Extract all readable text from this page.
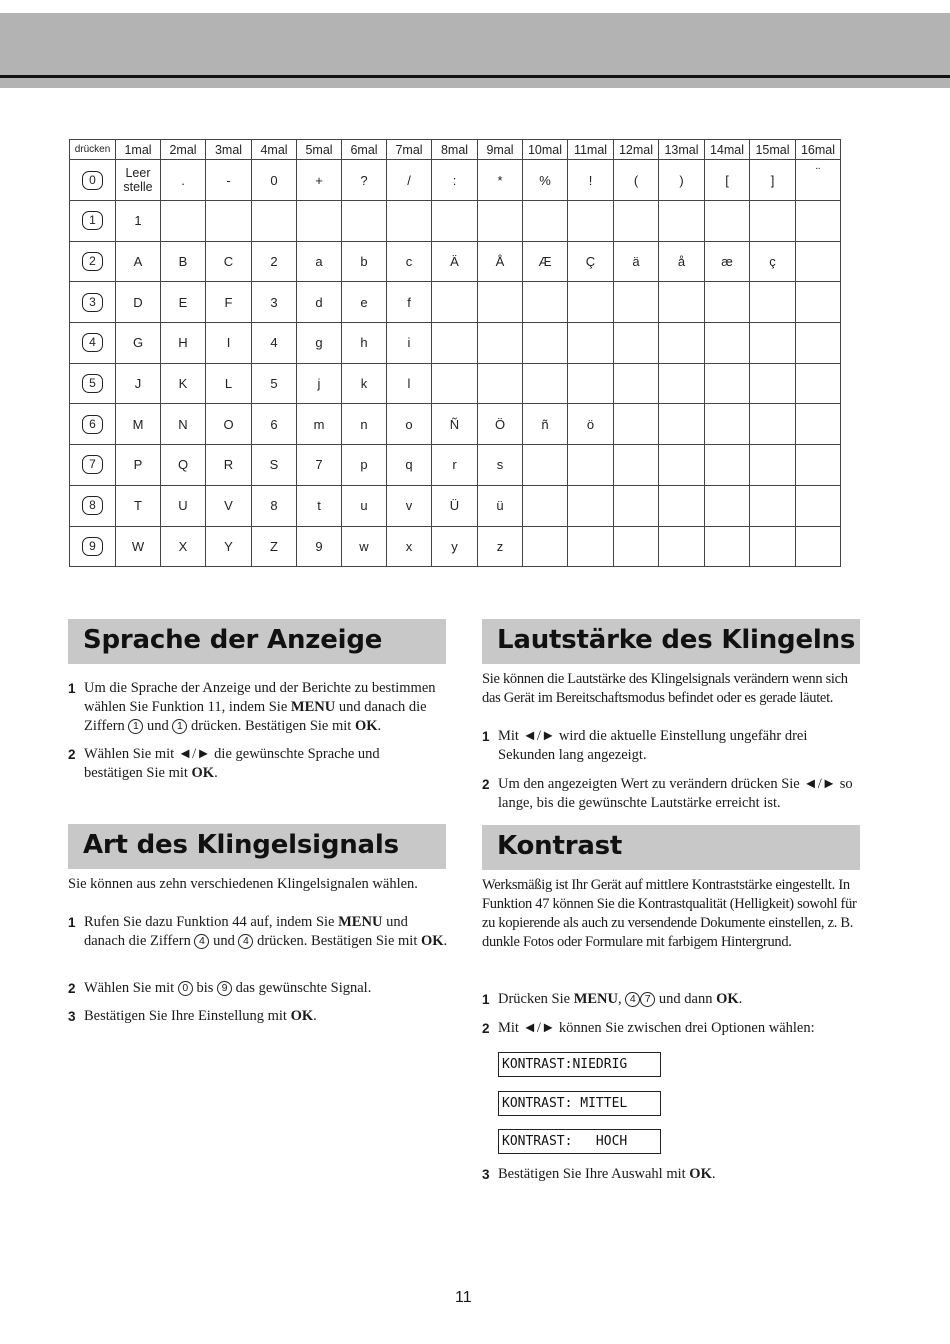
drücken	1mal	2mal	3mal	4mal	5mal	6mal	7mal	8mal	9mal	10mal	11mal	12mal	13mal	14mal	15mal	16mal
0	Leer stelle	.	-	0	+	?	/	:	*	%	!	(	)	[	]	¨
1	1															
2	A	B	C	2	a	b	c	Ä	Å	Æ	Ç	ä	å	æ	ç	
3	D	E	F	3	d	e	f									
4	G	H	I	4	g	h	i									
5	J	K	L	5	j	k	l									
6	M	N	O	6	m	n	o	Ñ	Ö	ñ	ö					
7	P	Q	R	S	7	p	q	r	s							
8	T	U	V	8	t	u	v	Ü	ü							
9	W	X	Y	Z	9	w	x	y	z							
Sprache der Anzeige
1 Um die Sprache der Anzeige und der Berichte zu bestimmen wählen Sie Funktion 11, indem Sie MENU und danach die Ziffern 1 und 1 drücken. Bestätigen Sie mit OK.
2 Wählen Sie mit ◄/► die gewünschte Sprache und bestätigen Sie mit OK.
Art des Klingelsignals
Sie können aus zehn verschiedenen Klingelsignalen wählen.
1 Rufen Sie dazu Funktion 44 auf, indem Sie MENU und danach die Ziffern 4 und 4 drücken. Bestätigen Sie mit OK.
2 Wählen Sie mit 0 bis 9 das gewünschte Signal.
3 Bestätigen Sie Ihre Einstellung mit OK.
Lautstärke des Klingelns
Sie können die Lautstärke des Klingelsignals verändern wenn sich das Gerät im Bereitschaftsmodus befindet oder es gerade läutet.
1 Mit ◄/► wird die aktuelle Einstellung ungefähr drei Sekunden lang angezeigt.
2 Um den angezeigten Wert zu verändern drücken Sie ◄/► so lange, bis die gewünschte Lautstärke erreicht ist.
Kontrast
Werksmäßig ist Ihr Gerät auf mittlere Kontraststärke eingestellt. In Funktion 47 können Sie die Kontrastqualität (Helligkeit) sowohl für zu kopierende als auch zu versendende Dokumente einstellen, z. B. dunkle Fotos oder Formulare mit farbigem Hintergrund.
1 Drücken Sie MENU, 4 7 und dann OK.
2 Mit ◄/► können Sie zwischen drei Optionen wählen:
KONTRAST:NIEDRIG
KONTRAST: MITTEL
KONTRAST:   HOCH
3 Bestätigen Sie Ihre Auswahl mit OK.
11
